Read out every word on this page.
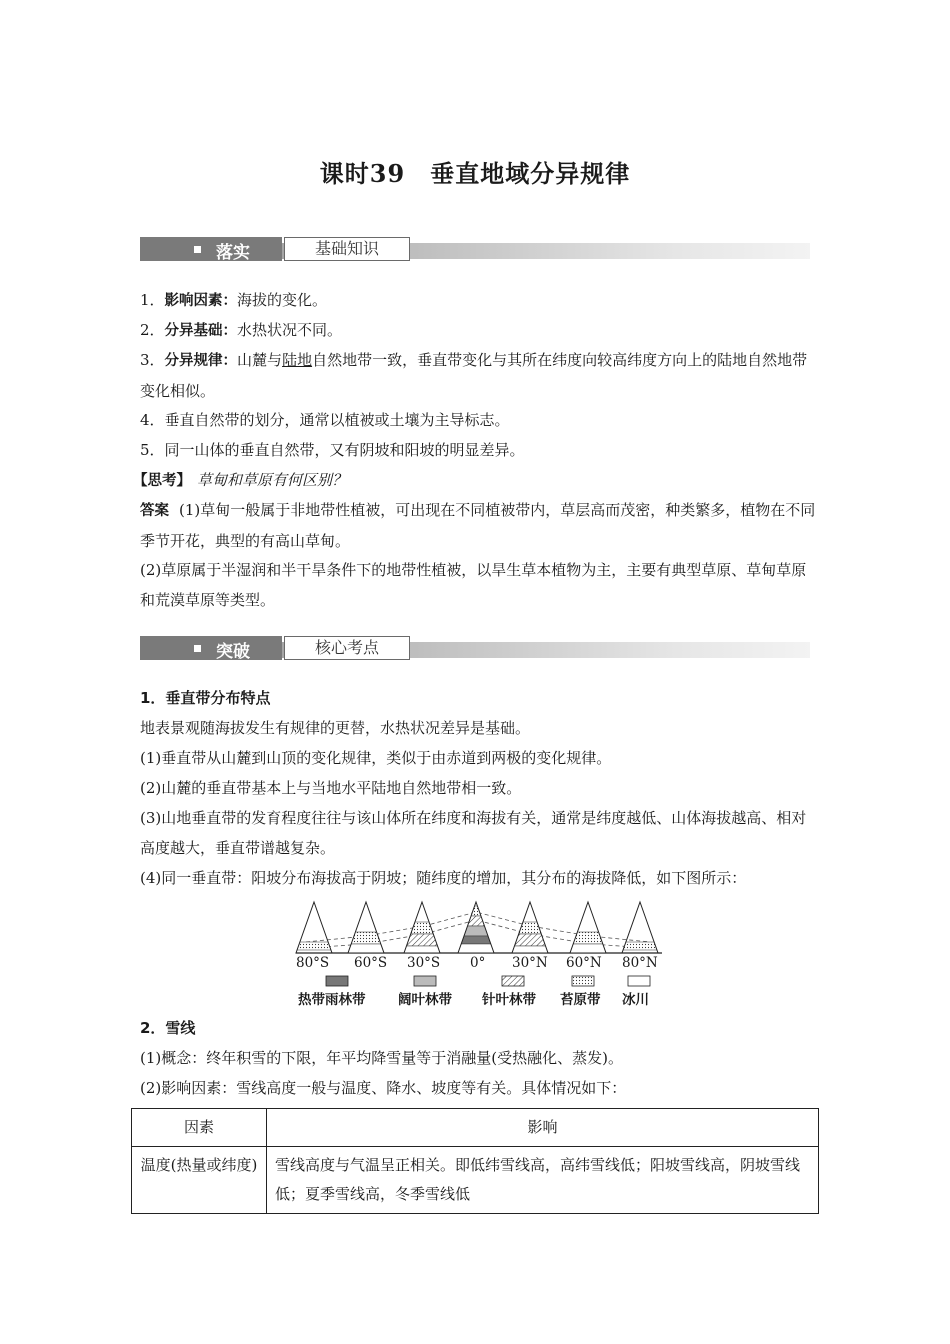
课时39　垂直地域分异规律
落实	基础知识
1．影响因素：海拔的变化。
2．分异基础：水热状况不同。
3．分异规律：山麓与陆地自然地带一致，垂直带变化与其所在纬度向较高纬度方向上的陆地自然地带变化相似。
4．垂直自然带的划分，通常以植被或土壤为主导标志。
5．同一山体的垂直自然带，又有阴坡和阳坡的明显差异。
【思考】 草甸和草原有何区别？
答案 (1)草甸一般属于非地带性植被，可出现在不同植被带内，草层高而茂密，种类繁多，植物在不同季节开花，典型的有高山草甸。
(2)草原属于半湿润和半干旱条件下的地带性植被，以旱生草本植物为主，主要有典型草原、草甸草原和荒漠草原等类型。
突破	核心考点
1．垂直带分布特点
地表景观随海拔发生有规律的更替，水热状况差异是基础。
(1)垂直带从山麓到山顶的变化规律，类似于由赤道到两极的变化规律。
(2)山麓的垂直带基本上与当地水平陆地自然地带相一致。
(3)山地垂直带的发育程度往往与该山体所在纬度和海拔有关，通常是纬度越低、山体海拔越高、相对高度越大，垂直带谱越复杂。
(4)同一垂直带：阳坡分布海拔高于阴坡；随纬度的增加，其分布的海拔降低，如下图所示：
80°S 60°S 30°S 0° 30°N 60°N 80°N
热带雨林带 阔叶林带 针叶林带 苔原带 冰川
2．雪线
(1)概念：终年积雪的下限，年平均降雪量等于消融量(受热融化、蒸发)。
(2)影响因素：雪线高度一般与温度、降水、坡度等有关。具体情况如下：
因素	影响
温度(热量或纬度)	雪线高度与气温呈正相关。即低纬雪线高，高纬雪线低；阳坡雪线高，阴坡雪线低；夏季雪线高，冬季雪线低
